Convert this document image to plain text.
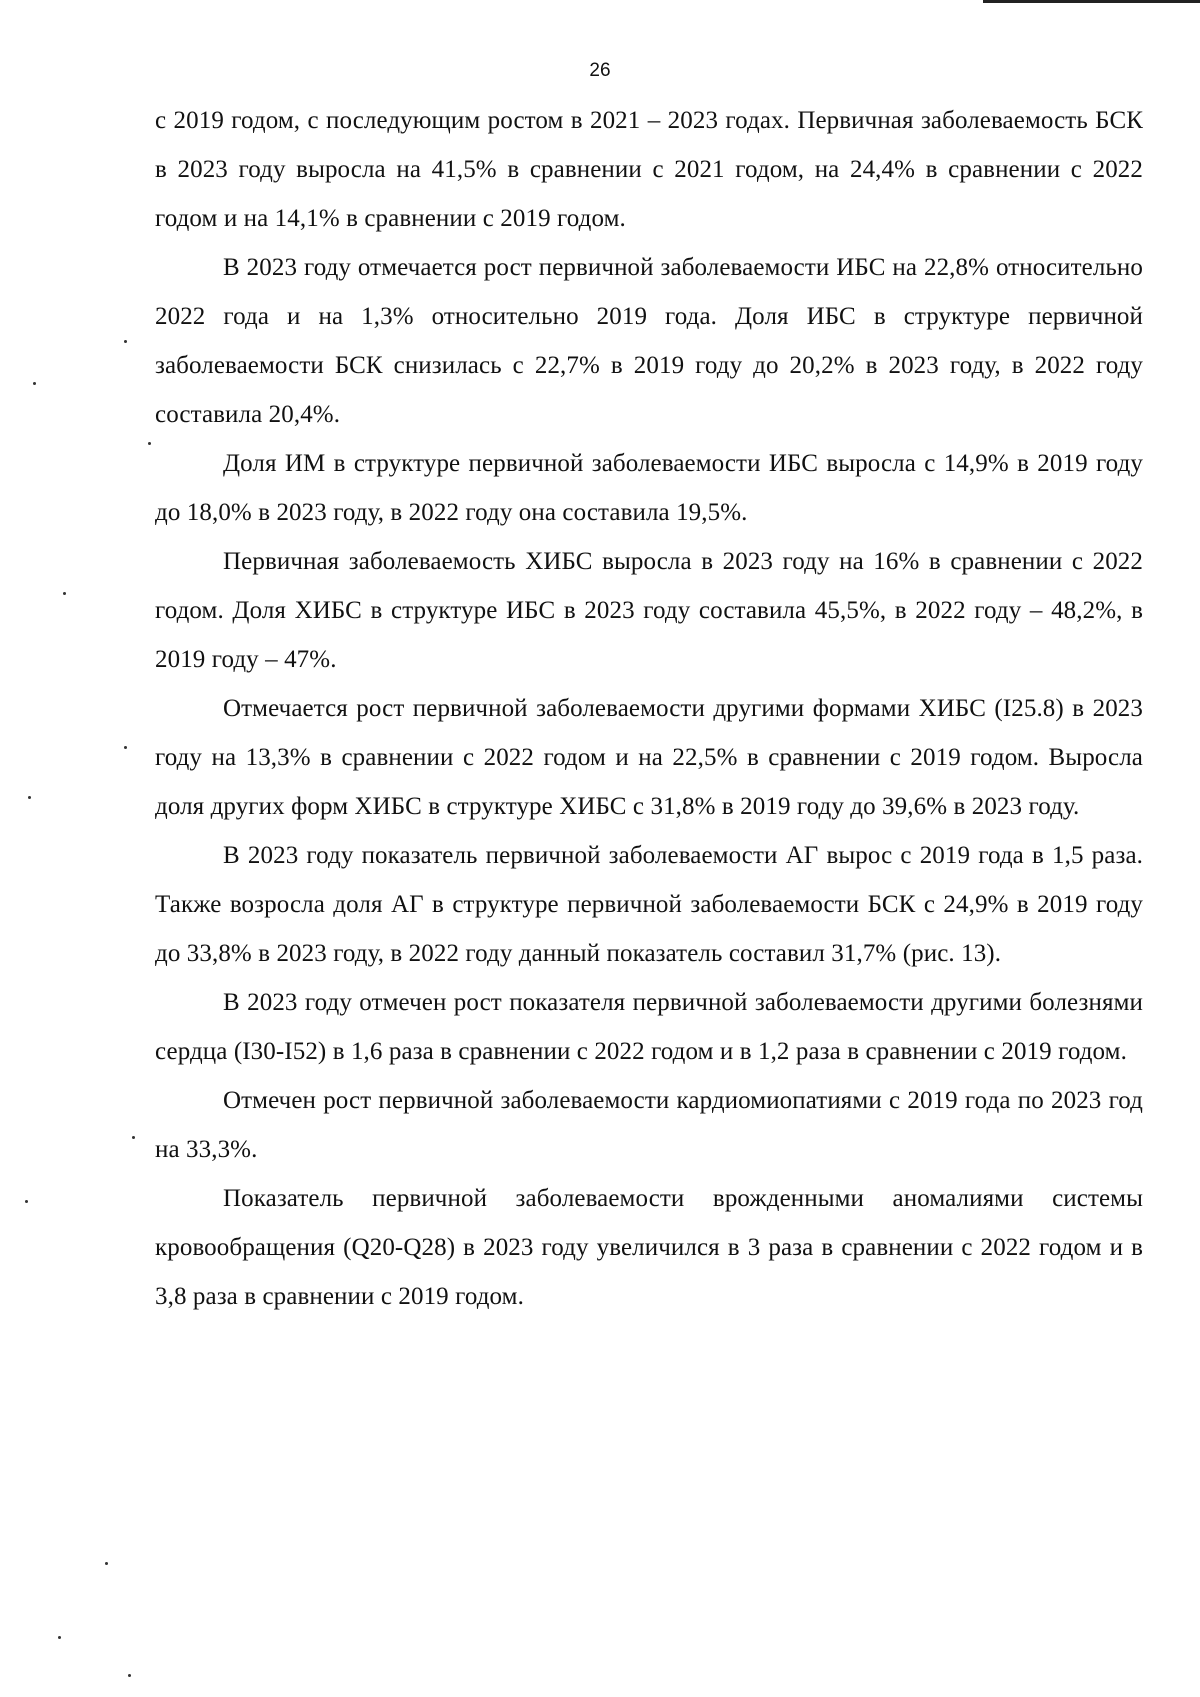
26

с 2019 годом, с последующим ростом в 2021 – 2023 годах. Первичная заболеваемость БСК в 2023 году выросла на 41,5% в сравнении с 2021 годом, на 24,4% в сравнении с 2022 годом и на 14,1% в сравнении с 2019 годом.

В 2023 году отмечается рост первичной заболеваемости ИБС на 22,8% относительно 2022 года и на 1,3% относительно 2019 года. Доля ИБС в структуре первичной заболеваемости БСК снизилась с 22,7% в 2019 году до 20,2% в 2023 году, в 2022 году составила 20,4%.

Доля ИМ в структуре первичной заболеваемости ИБС выросла с 14,9% в 2019 году до 18,0% в 2023 году, в 2022 году она составила 19,5%.

Первичная заболеваемость ХИБС выросла в 2023 году на 16% в сравнении с 2022 годом. Доля ХИБС в структуре ИБС в 2023 году составила 45,5%, в 2022 году – 48,2%, в 2019 году – 47%.

Отмечается рост первичной заболеваемости другими формами ХИБС (I25.8) в 2023 году на 13,3% в сравнении с 2022 годом и на 22,5% в сравнении с 2019 годом. Выросла доля других форм ХИБС в структуре ХИБС с 31,8% в 2019 году до 39,6% в 2023 году.

В 2023 году показатель первичной заболеваемости АГ вырос с 2019 года в 1,5 раза. Также возросла доля АГ в структуре первичной заболеваемости БСК с 24,9% в 2019 году до 33,8% в 2023 году, в 2022 году данный показатель составил 31,7% (рис. 13).

В 2023 году отмечен рост показателя первичной заболеваемости другими болезнями сердца (I30-I52) в 1,6 раза в сравнении с 2022 годом и в 1,2 раза в сравнении с 2019 годом.

Отмечен рост первичной заболеваемости кардиомиопатиями с 2019 года по 2023 год на 33,3%.

Показатель первичной заболеваемости врожденными аномалиями системы кровообращения (Q20-Q28) в 2023 году увеличился в 3 раза в сравнении с 2022 годом и в 3,8 раза в сравнении с 2019 годом.
